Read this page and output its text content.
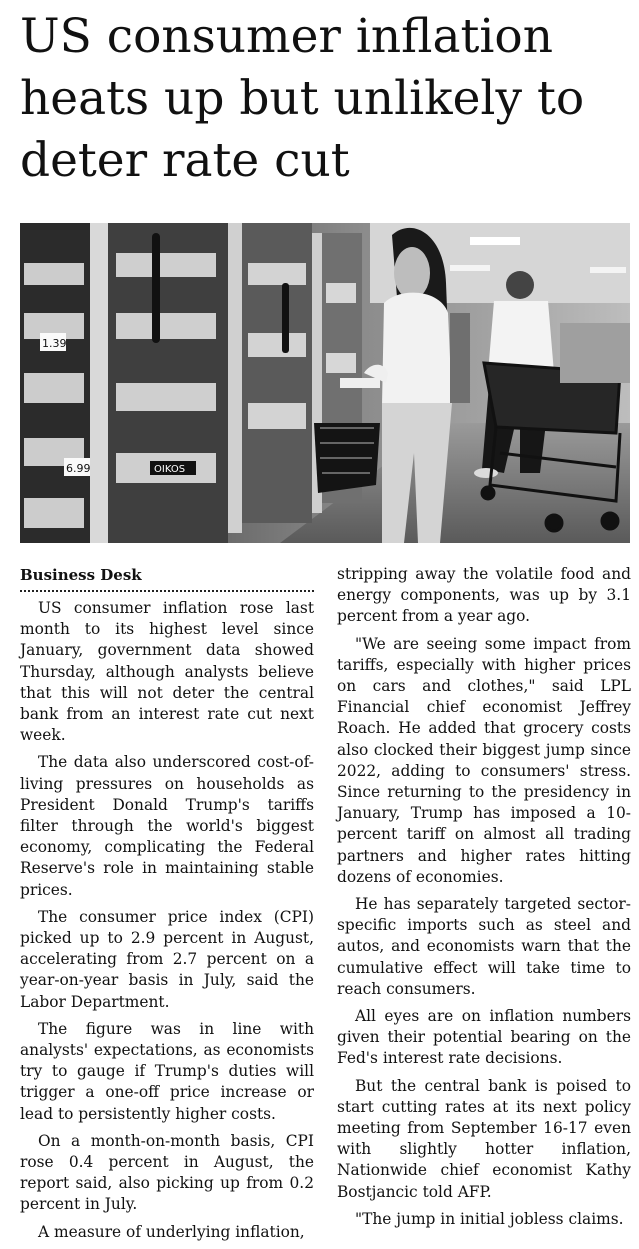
US consumer inflation heats up but unlikely to deter rate cut
1.39
6.99	OIKOS
Business Desk

US consumer inflation rose last month to its highest level since January, government data showed Thursday, although analysts believe that this will not deter the central bank from an interest rate cut next week.

The data also underscored cost-of-living pressures on households as President Donald Trump's tariffs filter through the world's biggest economy, complicating the Federal Reserve's role in maintaining stable prices.

The consumer price index (CPI) picked up to 2.9 percent in August, accelerating from 2.7 percent on a year-on-year basis in July, said the Labor Department.

The figure was in line with analysts' expectations, as economists try to gauge if Trump's duties will trigger a one-off price increase or lead to persistently higher costs.

On a month-on-month basis, CPI rose 0.4 percent in August, the report said, also picking up from 0.2 percent in July.

A measure of underlying inflation,

stripping away the volatile food and energy components, was up by 3.1 percent from a year ago.

"We are seeing some impact from tariffs, especially with higher prices on cars and clothes," said LPL Financial chief economist Jeffrey Roach. He added that grocery costs also clocked their biggest jump since 2022, adding to consumers' stress. Since returning to the presidency in January, Trump has imposed a 10-percent tariff on almost all trading partners and higher rates hitting dozens of economies.

He has separately targeted sector-specific imports such as steel and autos, and economists warn that the cumulative effect will take time to reach consumers.

All eyes are on inflation numbers given their potential bearing on the Fed's interest rate decisions.

But the central bank is poised to start cutting rates at its next policy meeting from September 16-17 even with slightly hotter inflation, Nationwide chief economist Kathy Bostjancic told AFP.

"The jump in initial jobless claims.
